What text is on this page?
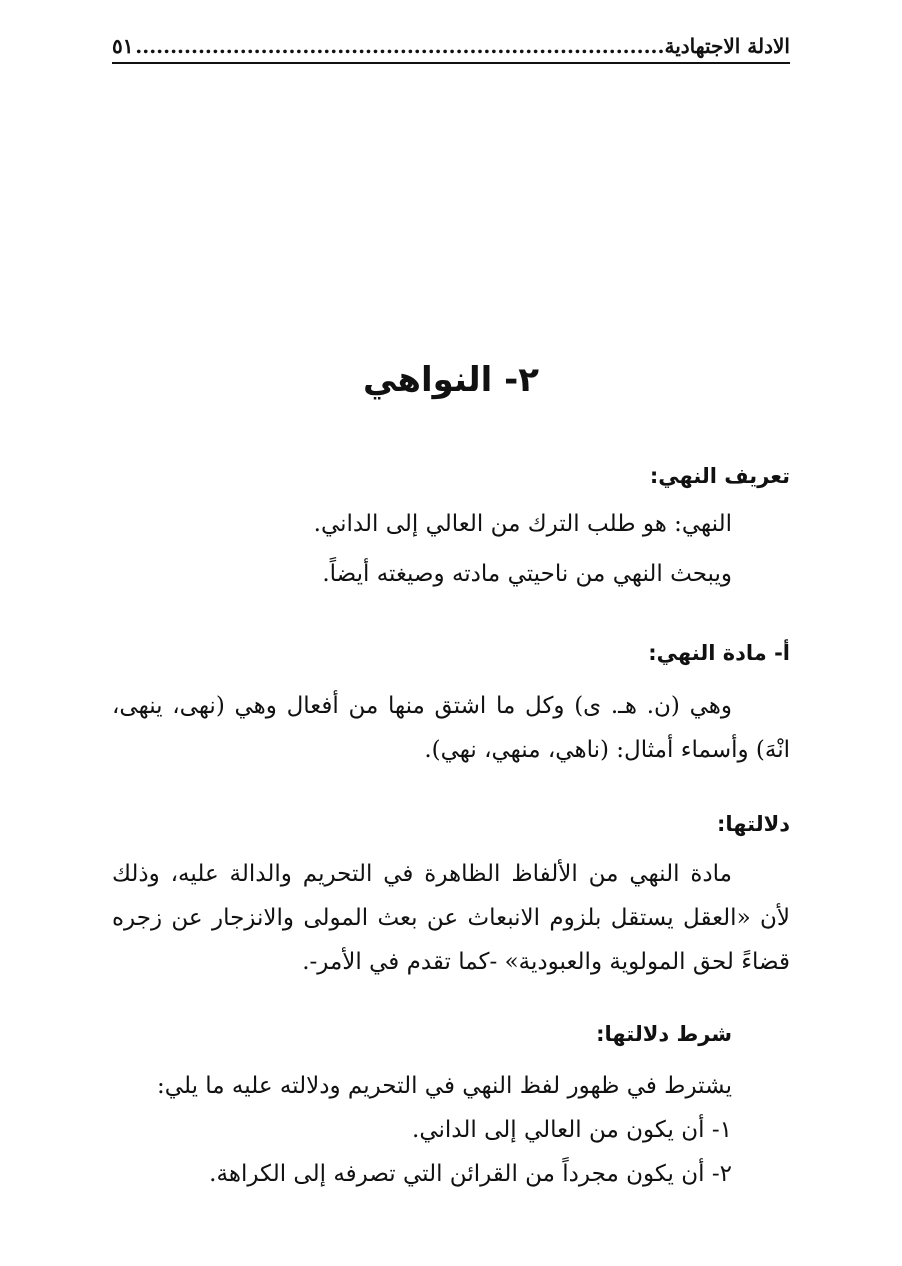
الادلة الاجتهادية............................................................................
٥١
٢- النواهي
تعريف النهي:
النهي: هو طلب الترك من العالي إلى الداني.
ويبحث النهي من ناحيتي مادته وصيغته أيضاً.
أ- مادة النهي:
وهي (ن. هـ. ى) وكل ما اشتق منها من أفعال وهي (نهى، ينهى، انْهَ) وأسماء أمثال: (ناهي، منهي، نهي).
دلالتها:
مادة النهي من الألفاظ الظاهرة في التحريم والدالة عليه، وذلك لأن «العقل يستقل بلزوم الانبعاث عن بعث المولى والانزجار عن زجره قضاءً لحق المولوية والعبودية» -كما تقدم في الأمر-.
شرط دلالتها:
يشترط في ظهور لفظ النهي في التحريم ودلالته عليه ما يلي:
١- أن يكون من العالي إلى الداني.
٢- أن يكون مجرداً من القرائن التي تصرفه إلى الكراهة.
